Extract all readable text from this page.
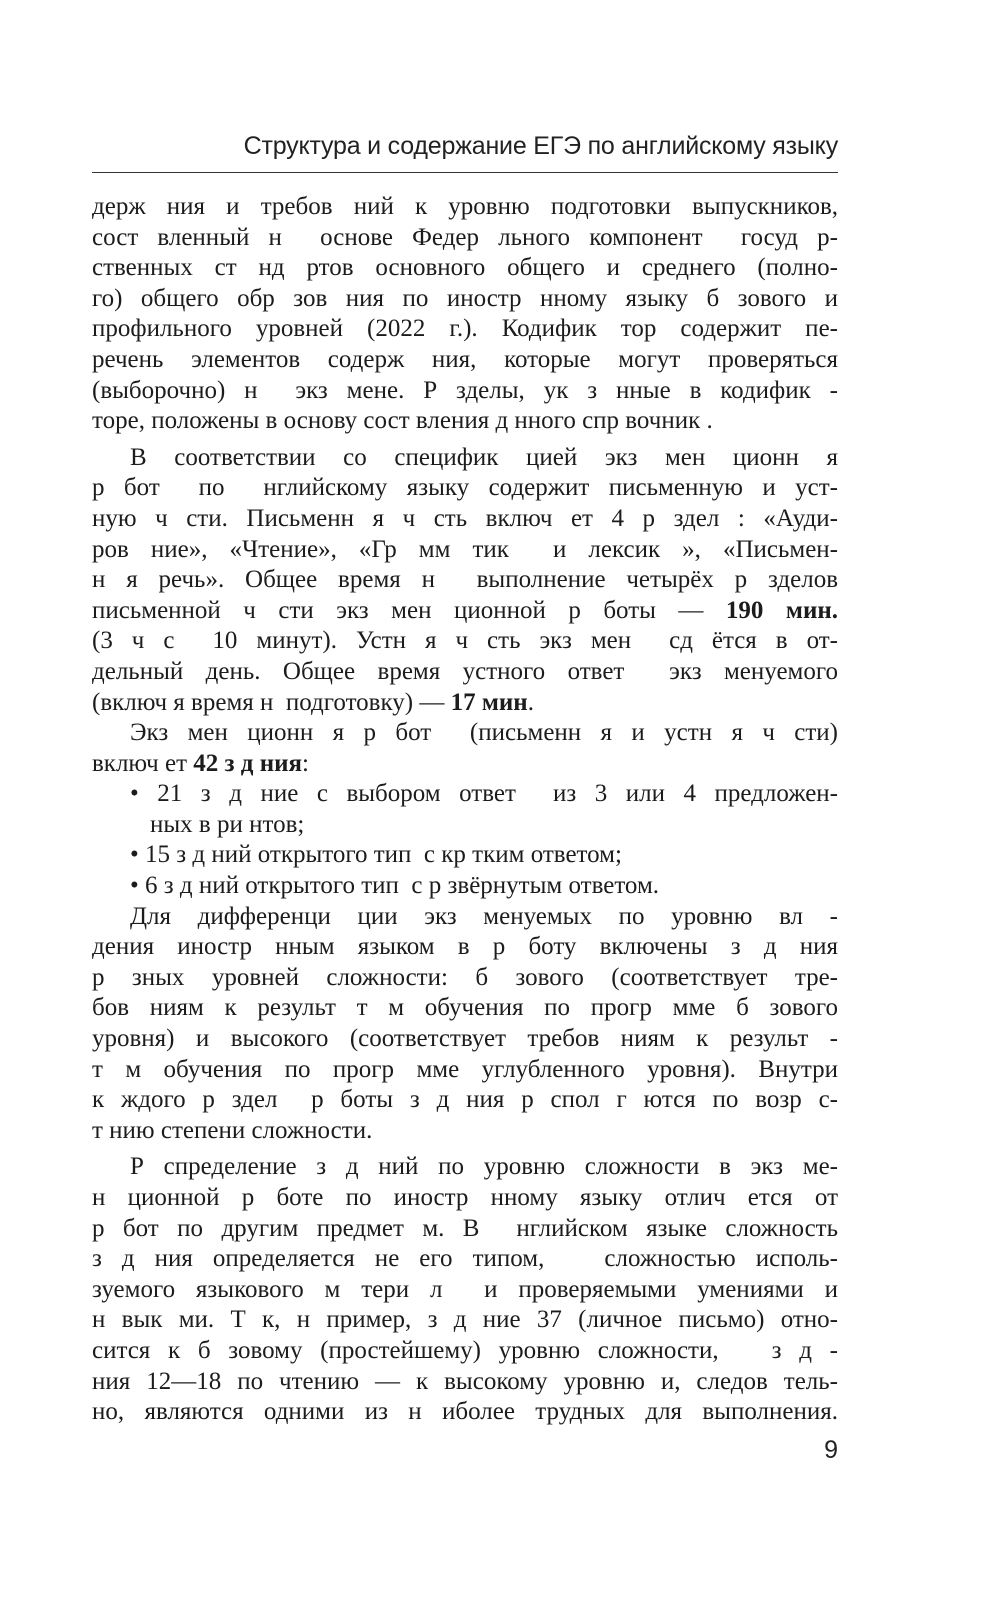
Структура и содержание ЕГЭ по английскому языку
держ ния и требов ний к уровню подготовки выпускников,
сост вленный н  основе Федер льного компонент  госуд р-
ственных ст нд ртов основного общего и среднего (полно-
го) общего обр зов ния по иностр нному языку б зового и
профильного уровней (2022 г.). Кодифик тор содержит пе-
речень элементов содерж ния, которые могут проверяться
(выборочно) н  экз мене. Р зделы, ук з нные в кодифик -
торе, положены в основу сост вления д нного спр вочник .
В соответствии со специфик цией экз мен ционн я
р бот  по  нглийскому языку содержит письменную и уст-
ную ч сти. Письменн я ч сть включ ет 4 р здел : «Ауди-
ров ние», «Чтение», «Гр мм тик  и лексик », «Письмен-
н я речь». Общее время н  выполнение четырёх р зделов
письменной ч сти экз мен ционной р боты — 190 мин.
(3 ч с  10 минут). Устн я ч сть экз мен  сд ётся в от-
дельный день. Общее время устного ответ  экз менуемого
(включ я время н  подготовку) — 17 мин.
Экз мен ционн я р бот  (письменн я и устн я ч сти)
включ ет 42 з д ния:
• 21 з д ние с выбором ответ  из 3 или 4 предложен-
ных в ри нтов;
• 15 з д ний открытого тип  с кр тким ответом;
• 6 з д ний открытого тип  с р звёрнутым ответом.
Для дифференци ции экз менуемых по уровню вл -
дения иностр нным языком в р боту включены з д ния
р зных уровней сложности: б зового (соответствует тре-
бов ниям к результ т м обучения по прогр мме б зового
уровня) и высокого (соответствует требов ниям к результ -
т м обучения по прогр мме углубленного уровня). Внутри
к ждого р здел  р боты з д ния р спол г ются по возр с-
т нию степени сложности.
Р спределение з д ний по уровню сложности в экз ме-
н ционной р боте по иностр нному языку отлич ется от
р бот по другим предмет м. В  нглийском языке сложность
з д ния определяется не его типом,   сложностью исполь-
зуемого языкового м тери л  и проверяемыми умениями и
н вык ми. Т к, н пример, з д ние 37 (личное письмо) отно-
сится к б зовому (простейшему) уровню сложности,   з д -
ния 12—18 по чтению — к высокому уровню и, следов тель-
но, являются одними из н иболее трудных для выполнения.
9
